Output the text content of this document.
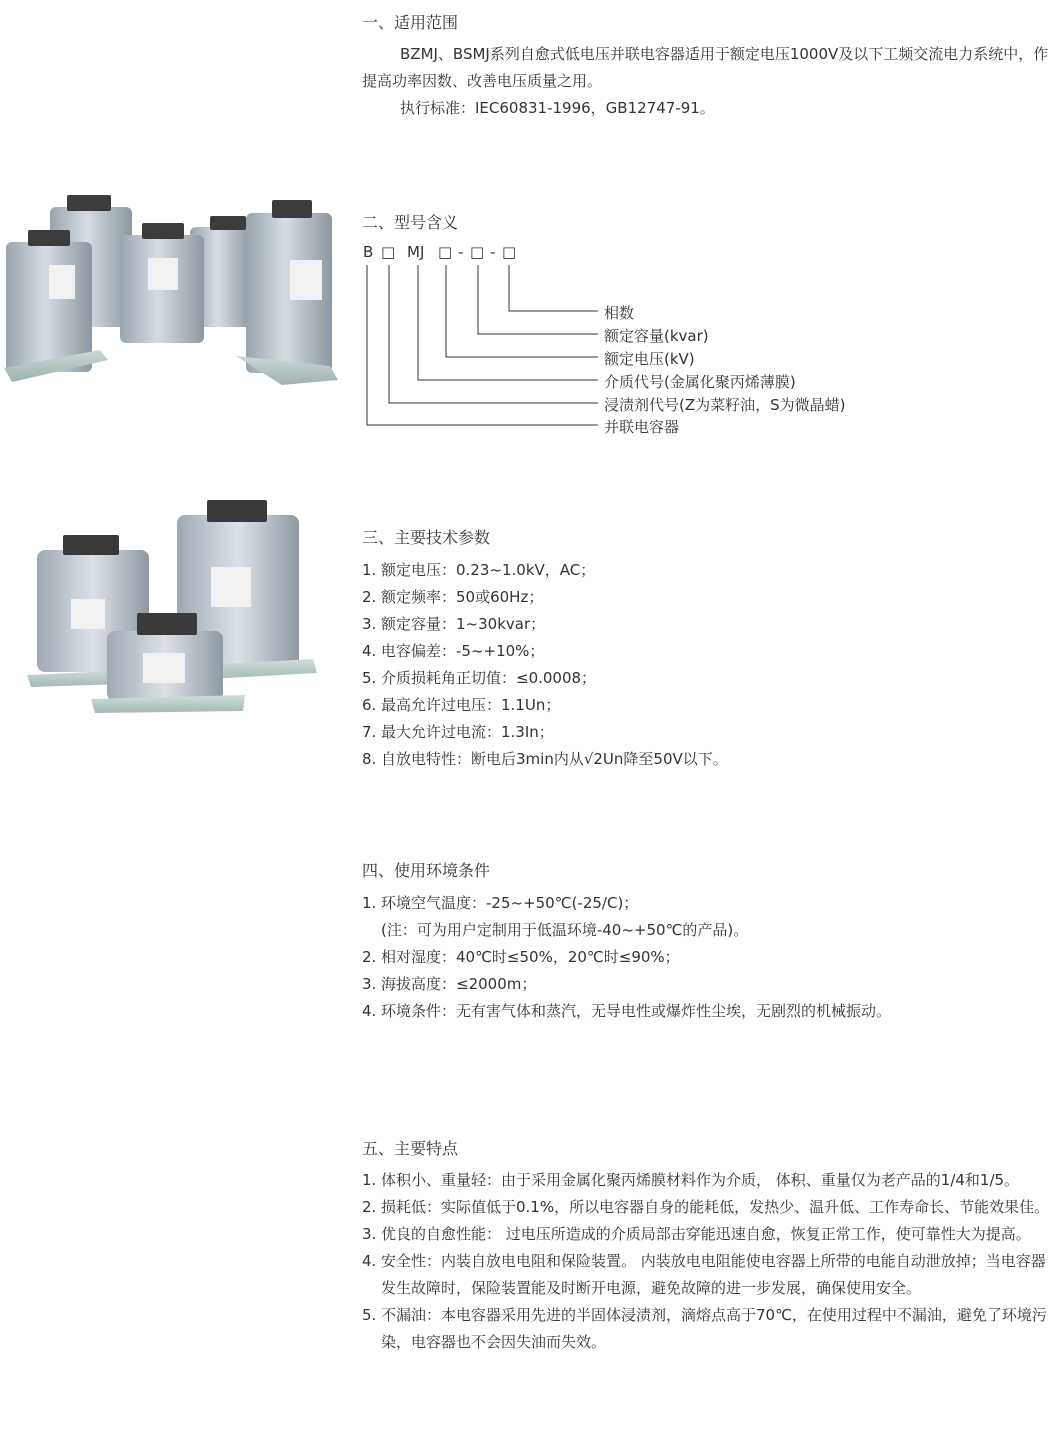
一、适用范围

BZMJ、BSMJ系列自愈式低电压并联电容器适用于额定电压1000V及以下工频交流电力系统中，作提高功率因数、改善电压质量之用。

执行标准：IEC60831-1996，GB12747-91。

二、型号含义
B □ MJ □ - □ - □
相数
额定容量(kvar)
额定电压(kV)
介质代号(金属化聚丙烯薄膜)
浸渍剂代号(Z为菜籽油，S为微晶蜡)
并联电容器
三、主要技术参数
1. 额定电压：0.23~1.0kV，AC；
2. 额定频率：50或60Hz；
3. 额定容量：1~30kvar；
4. 电容偏差：-5~+10%；
5. 介质损耗角正切值：≤0.0008；
6. 最高允许过电压：1.1Un；
7. 最大允许过电流：1.3In；
8. 自放电特性：断电后3min内从√2Un降至50V以下。
四、使用环境条件
1. 环境空气温度：-25~+50℃(-25/C)；
(注：可为用户定制用于低温环境-40~+50℃的产品)。
2. 相对湿度：40℃时≤50%，20℃时≤90%；
3. 海拔高度：≤2000m；
4. 环境条件：无有害气体和蒸汽，无导电性或爆炸性尘埃，无剧烈的机械振动。
五、主要特点
1. 体积小、重量轻：由于采用金属化聚丙烯膜材料作为介质， 体积、重量仅为老产品的1/4和1/5。
2. 损耗低：实际值低于0.1%，所以电容器自身的能耗低，发热少、温升低、工作寿命长、节能效果佳。
3. 优良的自愈性能： 过电压所造成的介质局部击穿能迅速自愈，恢复正常工作，使可靠性大为提高。
4. 安全性：内装自放电电阻和保险装置。 内装放电电阻能使电容器上所带的电能自动泄放掉；当电容器发生故障时，保险装置能及时断开电源，避免故障的进一步发展，确保使用安全。
5. 不漏油：本电容器采用先进的半固体浸渍剂，滴熔点高于70℃，在使用过程中不漏油，避免了环境污染，电容器也不会因失油而失效。
